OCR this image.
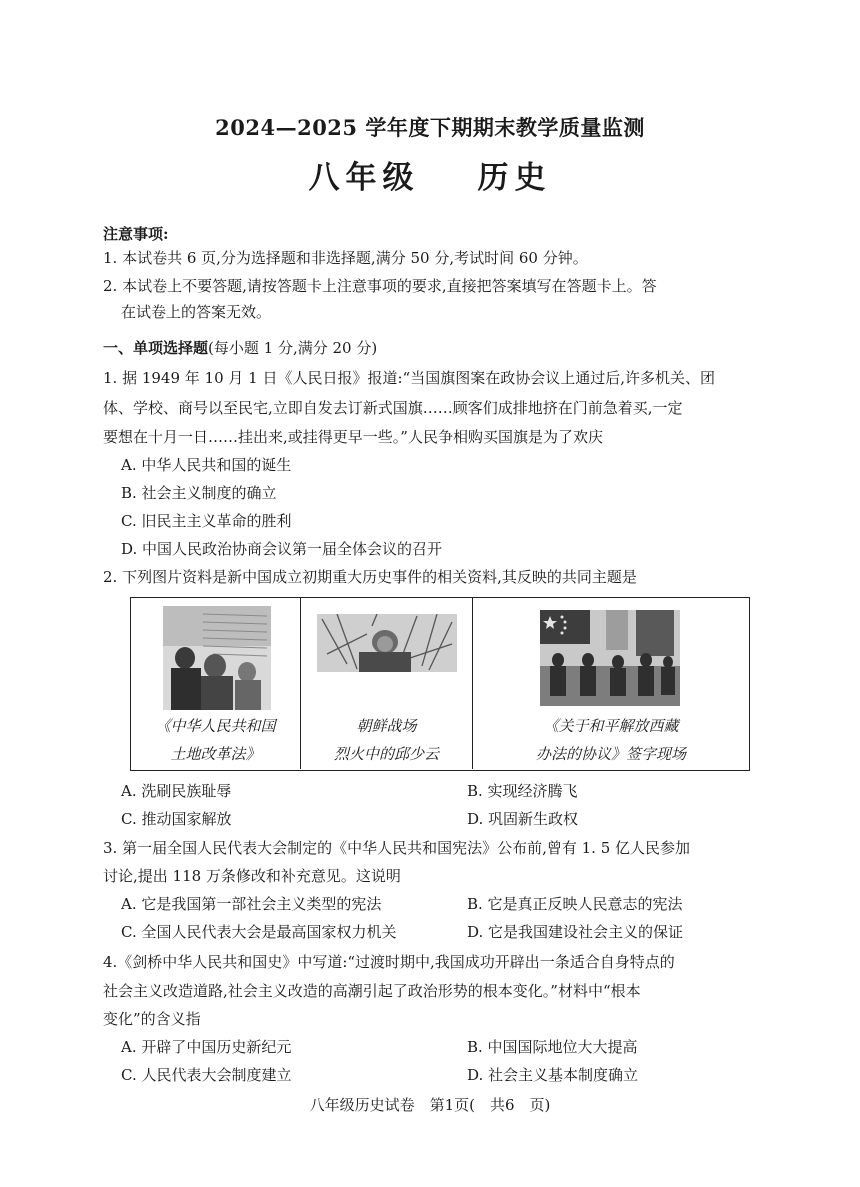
2024—2025 学年度下期期末教学质量监测
八年级 历史
注意事项:
1. 本试卷共 6 页,分为选择题和非选择题,满分 50 分,考试时间 60 分钟。
2. 本试卷上不要答题,请按答题卡上注意事项的要求,直接把答案填写在答题卡上。答
在试卷上的答案无效。
一、单项选择题(每小题 1 分,满分 20 分)
1. 据 1949 年 10 月 1 日《人民日报》报道:“当国旗图案在政协会议上通过后,许多机关、团
体、学校、商号以至民宅,立即自发去订新式国旗……顾客们成排地挤在门前急着买,一定
要想在十月一日……挂出来,或挂得更早一些。”人民争相购买国旗是为了欢庆
A. 中华人民共和国的诞生
B. 社会主义制度的确立
C. 旧民主主义革命的胜利
D. 中国人民政治协商会议第一届全体会议的召开
2. 下列图片资料是新中国成立初期重大历史事件的相关资料,其反映的共同主题是
《中华人民共和国
土地改革法》
朝鲜战场
烈火中的邱少云
《关于和平解放西藏
办法的协议》签字现场
A. 洗刷民族耻辱	B. 实现经济腾飞
C. 推动国家解放	D. 巩固新生政权
3. 第一届全国人民代表大会制定的《中华人民共和国宪法》公布前,曾有 1. 5 亿人民参加
讨论,提出 118 万条修改和补充意见。这说明
A. 它是我国第一部社会主义类型的宪法	B. 它是真正反映人民意志的宪法
C. 全国人民代表大会是最高国家权力机关	D. 它是我国建设社会主义的保证
4.《剑桥中华人民共和国史》中写道:“过渡时期中,我国成功开辟出一条适合自身特点的
社会主义改造道路,社会主义改造的高潮引起了政治形势的根本变化。”材料中“根本
变化”的含义指
A. 开辟了中国历史新纪元	B. 中国国际地位大大提高
C. 人民代表大会制度建立	D. 社会主义基本制度确立
八年级历史试卷　第1页(　共6　页)
